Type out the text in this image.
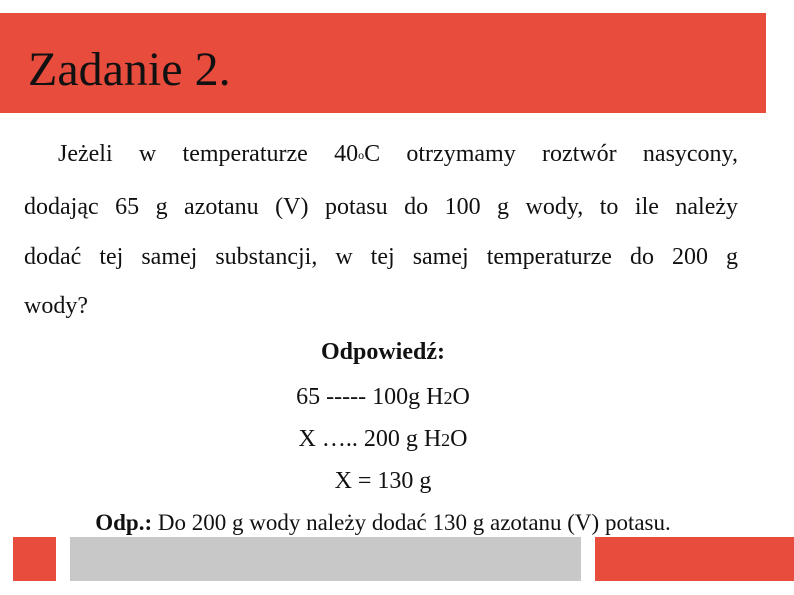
Zadanie 2.
Jeżeli w temperaturze 40oC otrzymamy roztwór nasycony,
dodając 65 g azotanu (V) potasu do 100 g wody, to ile należy
dodać tej samej substancji, w tej samej temperaturze do 200 g
wody?
Odpowiedź:
65 ----- 100g H2O
X ….. 200 g H2O
X = 130 g
Odp.: Do 200 g wody należy dodać 130 g azotanu (V) potasu.
